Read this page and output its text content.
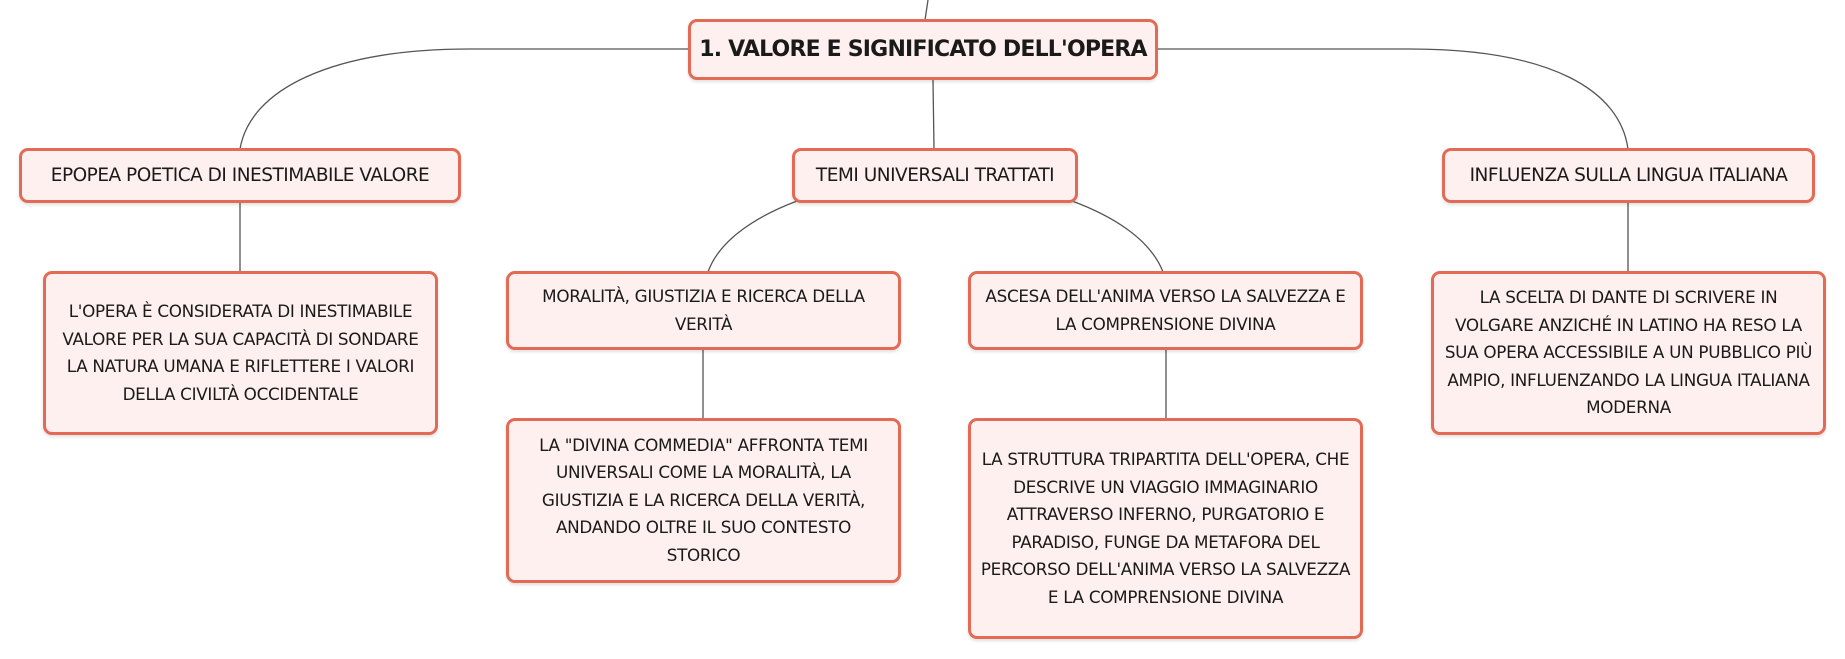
1. VALORE E SIGNIFICATO DELL'OPERA
EPOPEA POETICA DI INESTIMABILE VALORE	TEMI UNIVERSALI TRATTATI	INFLUENZA SULLA LINGUA ITALIANA
L'OPERA È CONSIDERATA DI INESTIMABILE VALORE PER LA SUA CAPACITÀ DI SONDARE LA NATURA UMANA E RIFLETTERE I VALORI DELLA CIVILTÀ OCCIDENTALE
MORALITÀ, GIUSTIZIA E RICERCA DELLA VERITÀ
ASCESA DELL'ANIMA VERSO LA SALVEZZA E LA COMPRENSIONE DIVINA
LA SCELTA DI DANTE DI SCRIVERE IN VOLGARE ANZICHÉ IN LATINO HA RESO LA SUA OPERA ACCESSIBILE A UN PUBBLICO PIÙ AMPIO, INFLUENZANDO LA LINGUA ITALIANA MODERNA
LA "DIVINA COMMEDIA" AFFRONTA TEMI UNIVERSALI COME LA MORALITÀ, LA GIUSTIZIA E LA RICERCA DELLA VERITÀ, ANDANDO OLTRE IL SUO CONTESTO STORICO
LA STRUTTURA TRIPARTITA DELL'OPERA, CHE DESCRIVE UN VIAGGIO IMMAGINARIO ATTRAVERSO INFERNO, PURGATORIO E PARADISO, FUNGE DA METAFORA DEL PERCORSO DELL'ANIMA VERSO LA SALVEZZA E LA COMPRENSIONE DIVINA
